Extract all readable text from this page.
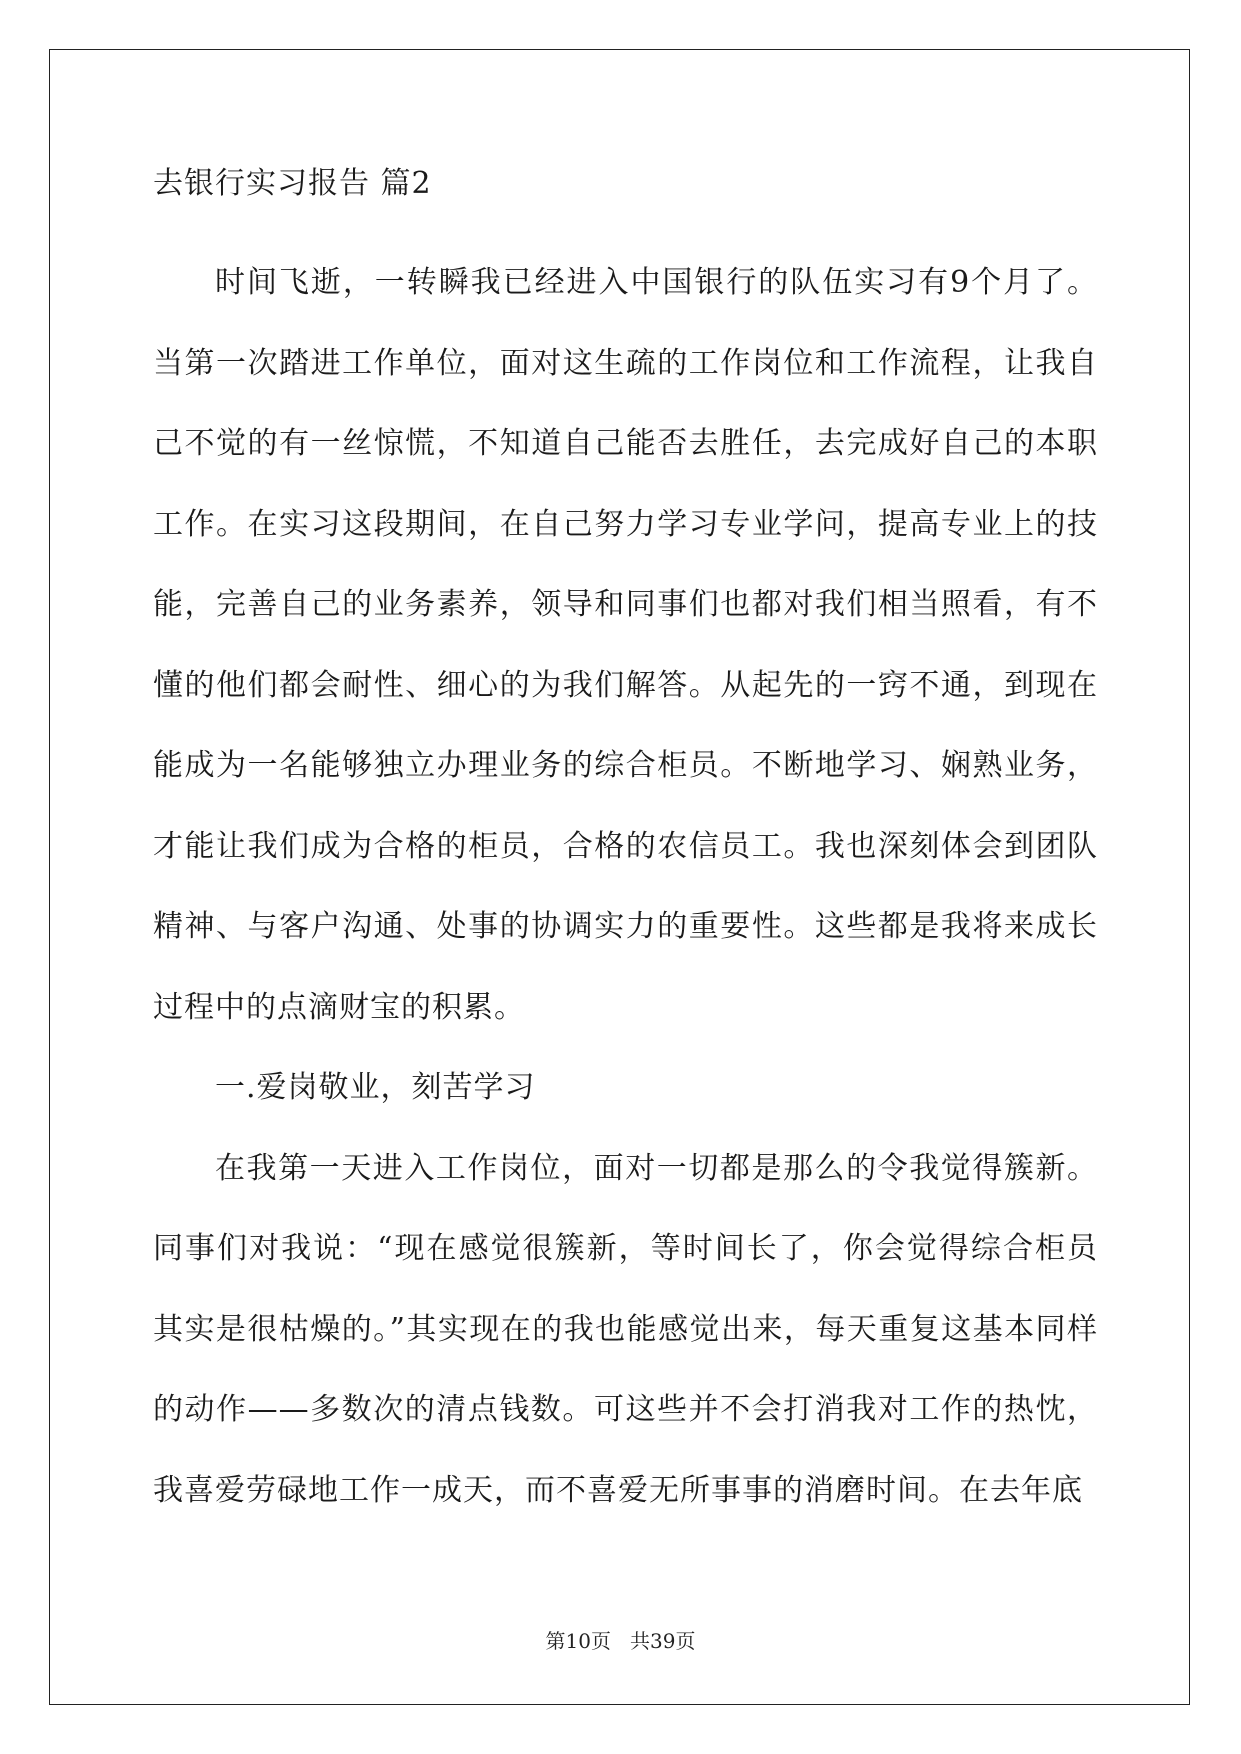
去银行实习报告 篇2

时间飞逝，一转瞬我已经进入中国银行的队伍实习有9个月了。当第一次踏进工作单位，面对这生疏的工作岗位和工作流程，让我自己不觉的有一丝惊慌，不知道自己能否去胜任，去完成好自己的本职工作。在实习这段期间，在自己努力学习专业学问，提高专业上的技能，完善自己的业务素养，领导和同事们也都对我们相当照看，有不懂的他们都会耐性、细心的为我们解答。从起先的一窍不通，到现在能成为一名能够独立办理业务的综合柜员。不断地学习、娴熟业务，才能让我们成为合格的柜员，合格的农信员工。我也深刻体会到团队精神、与客户沟通、处事的协调实力的重要性。这些都是我将来成长过程中的点滴财宝的积累。

一.爱岗敬业，刻苦学习

在我第一天进入工作岗位，面对一切都是那么的令我觉得簇新。同事们对我说：“现在感觉很簇新，等时间长了，你会觉得综合柜员其实是很枯燥的。”其实现在的我也能感觉出来，每天重复这基本同样的动作——多数次的清点钱数。可这些并不会打消我对工作的热忱，我喜爱劳碌地工作一成天，而不喜爱无所事事的消磨时间。在去年底

第10页 共39页
